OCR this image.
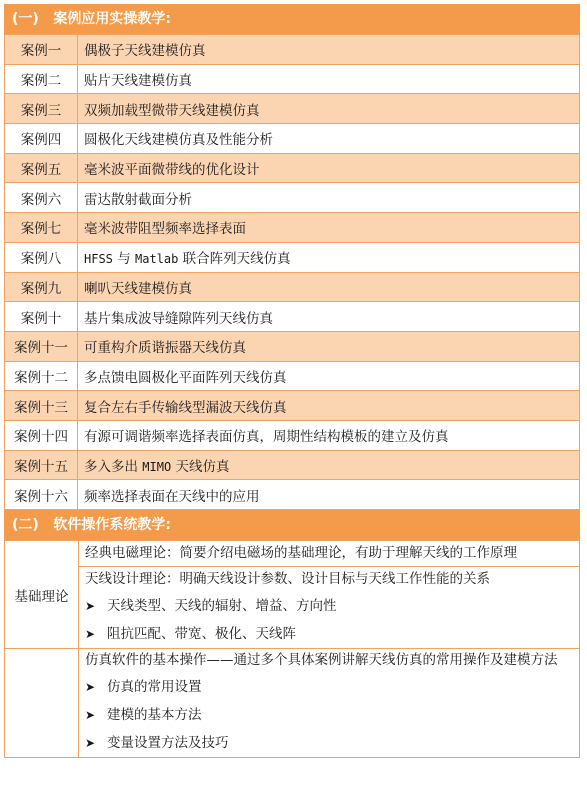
(一)   案例应用实操教学:
案例一	偶极子天线建模仿真
案例二	贴片天线建模仿真
案例三	双频加载型微带天线建模仿真
案例四	圆极化天线建模仿真及性能分析
案例五	毫米波平面微带线的优化设计
案例六	雷达散射截面分析
案例七	毫米波带阻型频率选择表面
案例八	HFSS 与 Matlab 联合阵列天线仿真
案例九	喇叭天线建模仿真
案例十	基片集成波导缝隙阵列天线仿真
案例十一	可重构介质谐振器天线仿真
案例十二	多点馈电圆极化平面阵列天线仿真
案例十三	复合左右手传输线型漏波天线仿真
案例十四	有源可调谐频率选择表面仿真，周期性结构模板的建立及仿真
案例十五	多入多出 MIMO 天线仿真
案例十六	频率选择表面在天线中的应用
(二)   软件操作系统教学:
基础理论	经典电磁理论：简要介绍电磁场的基础理论，有助于理解天线的工作原理
天线设计理论：明确天线设计参数、设计目标与天线工作性能的关系
➤ 天线类型、天线的辐射、增益、方向性
➤ 阻抗匹配、带宽、极化、天线阵

	仿真软件的基本操作——通过多个具体案例讲解天线仿真的常用操作及建模方法
➤ 仿真的常用设置
➤ 建模的基本方法
➤ 变量设置方法及技巧
